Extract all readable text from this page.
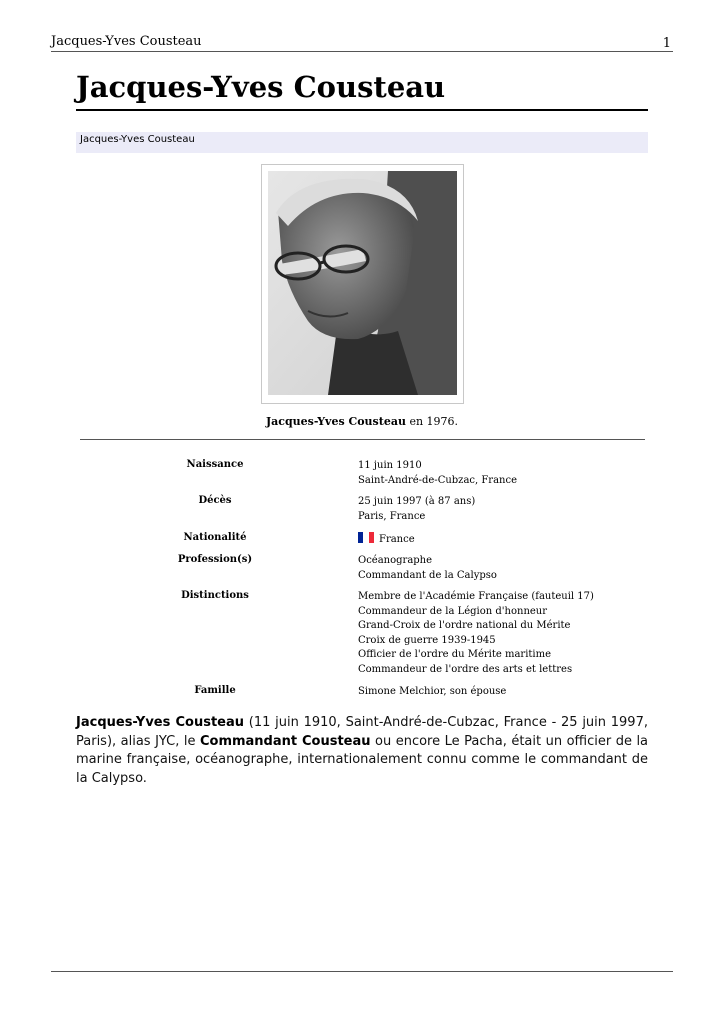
Jacques-Yves Cousteau	1
Jacques-Yves Cousteau
Jacques-Yves Cousteau
Jacques-Yves Cousteau en 1976.
Naissance	11 juin 1910
Saint-André-de-Cubzac, France
Décès	25 juin 1997 (à 87 ans)
Paris, France
Nationalité	France
Profession(s)	Océanographe
Commandant de la Calypso
Distinctions	Membre de l'Académie Française (fauteuil 17)
Commandeur de la Légion d'honneur
Grand-Croix de l'ordre national du Mérite
Croix de guerre 1939-1945
Officier de l'ordre du Mérite maritime
Commandeur de l'ordre des arts et lettres
Famille	Simone Melchior, son épouse

Jacques-Yves Cousteau (11 juin 1910, Saint-André-de-Cubzac, France - 25 juin 1997, Paris), alias JYC, le Commandant Cousteau ou encore Le Pacha, était un officier de la marine française, océanographe, internationalement connu comme le commandant de la Calypso.
